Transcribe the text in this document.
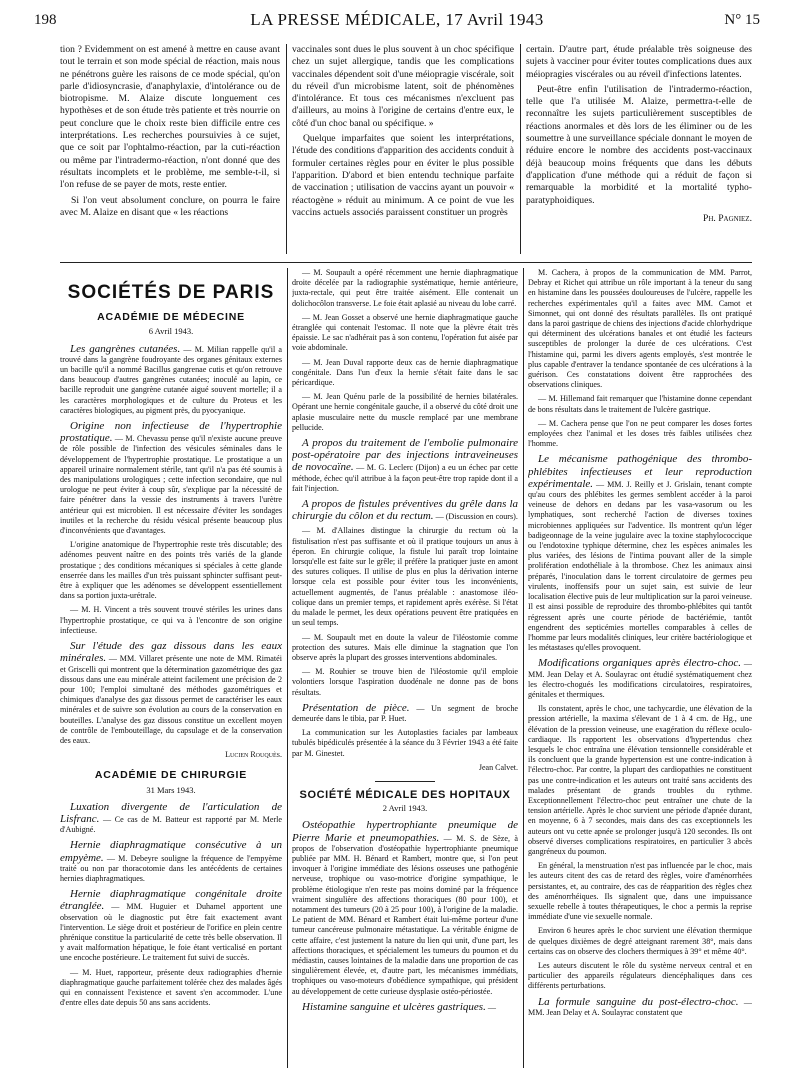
198	LA PRESSE MÉDICALE, 17 Avril 1943	N° 15

tion ? Evidemment on est amené à mettre en cause avant tout le terrain et son mode spécial de réaction, mais nous ne pénétrons guère les raisons de ce mode spécial, qu'on parle d'idiosyncrasie, d'anaphylaxie, d'intolérance ou de biotropisme. M. Alaize discute longuement ces hypothèses et de son étude très patiente et très nourrie on peut conclure que le choix reste bien difficile entre ces interprétations. Les recherches poursuivies à ce sujet, que ce soit par l'ophtalmo-réaction, par la cuti-réaction ou même par l'intradermo-réaction, n'ont donné que des résultats incomplets et le problème, me semble-t-il, si l'on refuse de se payer de mots, reste entier.

Si l'on veut absolument conclure, on pourra le faire avec M. Alaize en disant que « les réactions

vaccinales sont dues le plus souvent à un choc spécifique chez un sujet allergique, tandis que les complications vaccinales dépendent soit d'une méiopragie viscérale, soit du réveil d'un microbisme latent, soit de phénomènes d'intolérance. Et tous ces mécanismes n'excluent pas d'ailleurs, au moins à l'origine de certains d'entre eux, le côté d'un choc banal ou spécifique. »

Quelque imparfaites que soient les interprétations, l'étude des conditions d'apparition des accidents conduit à formuler certaines règles pour en éviter le plus possible l'apparition. D'abord et bien entendu technique parfaite de vaccination ; utilisation de vaccins ayant un pouvoir « réactogène » réduit au minimum. A ce point de vue les vaccins actuels associés paraissent constituer un progrès

certain. D'autre part, étude préalable très soigneuse des sujets à vacciner pour éviter toutes complications dues aux méiopragies viscérales ou au réveil d'infections latentes.

Peut-être enfin l'utilisation de l'intradermo-réaction, telle que l'a utilisée M. Alaize, permettra-t-elle de reconnaître les sujets particulièrement susceptibles de réactions anormales et dès lors de les éliminer ou de les soumettre à une surveillance spéciale donnant le moyen de réduire encore le nombre des accidents post-vaccinaux déjà beaucoup moins fréquents que dans les débuts d'application d'une méthode qui a réduit de façon si remarquable la morbidité et la mortalité typho-paratyphoidiques.

Ph. Pagniez.
SOCIÉTÉS DE PARIS
ACADÉMIE DE MÉDECINE
6 Avril 1943.

Les gangrènes cutanées. — M. Milian rappelle qu'il a trouvé dans la gangrène foudroyante des organes génitaux externes un bacille qu'il a nommé Bacillus gangrenae cutis et qu'on retrouve dans beaucoup d'autres gangrènes cutanées; inoculé au lapin, ce bacille reproduit une gangrène cutanée aigué souvent mortelle; il a les caractères morphologiques et de culture du Proteus et les caractères biologiques, au pigment près, du pyocyanique.

Origine non infectieuse de l'hypertrophie prostatique. — M. Chevassu pense qu'il n'existe aucune preuve de rôle possible de l'infection des vésicules séminales dans le développement de l'hypertrophie prostatique. Le prostatique a un appareil urinaire normalement stérile, tant qu'il n'a pas été soumis à des manipulations urologiques ; cette infection secondaire, que nul urologue ne peut éviter à coup sûr, s'explique par la nécessité de faire pénétrer dans la vessie des instruments à travers l'urètre antérieur qui est microbien. Il est nécessaire d'éviter les sondages inutiles et la recherche du résidu vésical présente beaucoup plus d'inconvénients que d'avantages.

L'origine anatomique de l'hypertrophie reste très discutable; des adénomes peuvent naître en des points très variés de la glande prostatique ; des conditions mécaniques si spéciales à cette glande enserrée dans les mailles d'un très puissant sphincter suffisant peut-être à expliquer que les adénomes se développent essentiellement dans sa portion juxta-urétrale.

— M. H. Vincent a très souvent trouvé stériles les urines dans l'hypertrophie prostatique, ce qui va à l'encontre de son origine infectieuse.

Sur l'étude des gaz dissous dans les eaux minérales. — MM. Villaret présente une note de MM. Rimatéi et Griscelli qui montrent que la détermination gazométrique des gaz dissous dans une eau minérale atteint facilement une précision de 2 pour 100; l'emploi simultané des méthodes gazométriques et chimiques d'analyse des gaz dissous permet de caractériser les eaux minérales et de suivre son évolution au cours de la conservation en bouteilles. L'analyse des gaz dissous constitue un excellent moyen de contrôle de l'embouteillage, du capsulage et de la conservation des eaux.

Lucien Rouquès.
ACADÉMIE DE CHIRURGIE
31 Mars 1943.

Luxation divergente de l'articulation de Lisfranc. — Ce cas de M. Batteur est rapporté par M. Merle d'Aubigné.

Hernie diaphragmatique consécutive à un empyème. — M. Debeyre souligne la fréquence de l'empyème traité ou non par thoracotomie dans les antécédents de certaines hernies diaphragmatiques.

Hernie diaphragmatique congénitale droite étranglée. — MM. Huguier et Duhamel apportent une observation où le diagnostic put être fait exactement avant l'intervention. Le siège droit et postérieur de l'orifice en plein centre phrénique constitue la particularité de cette très belle observation. Il y avait malformation hépatique, le foie étant verticalisé en portant une encoche postérieure. Le traitement fut suivi de succès.

— M. Huet, rapporteur, présente deux radiographies d'hernie diaphragmatique gauche parfaitement tolérée chez des malades âgés qui en connaissent l'existence et savent s'en accommoder. L'une d'entre elles date depuis 50 ans sans accidents.

— M. Soupault a opéré récemment une hernie diaphragmatique droite décelée par la radiographie systématique, hernie antérieure, juxta-rectale, qui peut être traitée aisément. Elle contenait un dolichocôlon transverse. Le foie était aplasié au niveau du lobe carré.

— M. Jean Gosset a observé une hernie diaphragmatique gauche étranglée qui contenait l'estomac. Il note que la plèvre était très épaissie. Le sac n'adhérait pas à son contenu, l'opération fut aisée par voie abdominale.

— M. Jean Duval rapporte deux cas de hernie diaphragmatique congénitale. Dans l'un d'eux la hernie s'était faite dans le sac péricardique.

— M. Jean Quénu parle de la possibilité de hernies bilatérales. Opérant une hernie congénitale gauche, il a observé du côté droit une aplasie musculaire nette du muscle remplacé par une membrane pellucide.

A propos du traitement de l'embolie pulmonaire post-opératoire par des injections intraveineuses de novocaïne. — M. G. Leclerc (Dijon) a eu un échec par cette méthode, échec qu'il attribue à la façon peut-être trop rapide dont il a fait l'injection.

A propos de fistules préventives du grêle dans la chirurgie du côlon et du rectum. — (Discussion en cours).

— M. d'Allaines distingue la chirurgie du rectum où la fistulisation n'est pas suffisante et où il pratique toujours un anus à éperon. En chirurgie colique, la fistule lui paraît trop lointaine lorsqu'elle est faite sur le grêle; il préfère la pratiquer juste en amont des sutures coliques. Il utilise de plus en plus la dérivation interne lorsque cela est possible pour éviter tous les inconvénients, actuellement augmentés, de l'anus préalable : anastomose iléo-colique dans un premier temps, et rapidement après exérèse. Si l'état du malade le permet, les deux opérations peuvent être pratiquées en un seul temps.

— M. Soupault met en doute la valeur de l'iléostomie comme protection des sutures. Mais elle diminue la stagnation que l'on observe après la plupart des grosses interventions abdominales.

— M. Rouhier se trouve bien de l'iléostomie qu'il emploie volontiers lorsque l'aspiration duodénale ne donne pas de bons résultats.

Présentation de pièce. — Un segment de broche demeurée dans le tibia, par P. Huet.

La communication sur les Autoplasties faciales par lambeaux tubulés bipédiculés présentée à la séance du 3 Février 1943 a été faite par M. Ginestet.

Jean Calvet.
SOCIÉTÉ MÉDICALE DES HOPITAUX
2 Avril 1943.

Ostéopathie hypertrophiante pneumique de Pierre Marie et pneumopathies. — M. S. de Sèze, à propos de l'observation d'ostéopathie hypertrophiante pneumique publiée par MM. H. Bénard et Rambert, montre que, si l'on peut invoquer à l'origine immédiate des lésions osseuses une pathogénie nerveuse, trophique ou vaso-motrice d'origine sympathique, le problème étiologique n'en reste pas moins dominé par la fréquence vraiment singulière des affections thoraciques (80 pour 100), et notamment des tumeurs (20 à 25 pour 100), à l'origine de la maladie. Le patient de MM. Bénard et Rambert était lui-même porteur d'une tumeur cancéreuse pulmonaire métastatique. La véritable énigme de cette affaire, c'est justement la nature du lien qui unit, d'une part, les affections thoraciques, et spécialement les tumeurs du poumon et du médiastin, causes lointaines de la maladie dans une proportion de cas singulièrement élevée, et, d'autre part, les mécanismes immédiats, trophiques ou vaso-moteurs d'obédience sympathique, qui président au développement de cette curieuse dysplasie ostéo-périostée.

Histamine sanguine et ulcères gastriques. —

M. Cachera, à propos de la communication de MM. Parrot, Debray et Richet qui attribue un rôle important à la teneur du sang en histamine dans les poussées douloureuses de l'ulcère, rappelle les recherches expérimentales qu'il a faites avec MM. Camot et Simonnet, qui ont donné des résultats parallèles. Ils ont pratiqué dans la paroi gastrique de chiens des injections d'acide chlorhydrique qui déterminent des ulcérations banales et ont étudié les facteurs susceptibles de prolonger la durée de ces ulcérations. C'est l'histamine qui, parmi les divers agents employés, s'est montrée le plus capable d'entraver la tendance spontanée de ces ulcérations à la guérison. Ces constatations doivent être rapprochées des observations cliniques.

— M. Hillemand fait remarquer que l'histamine donne cependant de bons résultats dans le traitement de l'ulcère gastrique.

— M. Cachera pense que l'on ne peut comparer les doses fortes employées chez l'animal et les doses très faibles utilisées chez l'homme.

Le mécanisme pathogénique des thrombo-phlébites infectieuses et leur reproduction expérimentale. — MM. J. Reilly et J. Grislain, tenant compte qu'au cours des phlébites les germes semblent accéder à la paroi veineuse de dehors en dedans par les vasa-vasorum ou les lymphatiques, sont recherché l'action de diverses toxines microbiennes appliquées sur l'adventice. Ils montrent qu'un léger badigeonnage de la veine jugulaire avec la toxine staphylococcique ou l'endotoxine typhique détermine, chez les espèces animales les plus variées, des lésions de l'intima pouvant aller de la simple prolifération endothéliale à la thrombose. Chez les animaux ainsi préparés, l'inoculation dans le torrent circulatoire de germes peu virulents, inoffensifs pour un sujet sain, est suivie de leur localisation élective puis de leur multiplication sur la paroi veineuse. Il est ainsi possible de reproduire des thrombo-phlébites qui tantôt régressent après une courte période de bactériémie, tantôt engendrent des septicémies mortelles comparables à celles de l'homme par leurs modalités cliniques, leur critère bactériologique et les métastases qu'elles provoquent.

Modifications organiques après électro-choc. — MM. Jean Delay et A. Soulayrac ont étudié systématiquement chez les électro-chogués les modifications circulatoires, respiratoires, génitales et thermiques.

Ils constatent, après le choc, une tachycardie, une élévation de la pression artérielle, la maxima s'élevant de 1 à 4 cm. de Hg., une élévation de la pression veineuse, une exagération du réflexe oculo-cardiaque. Ils rapportent les observations d'hypertendus chez lesquels le choc entraîna une élévation tensionnelle considérable et ils concluent que la grande hypertension est une contre-indication à l'électro-choc. Par contre, la plupart des cardiopathies ne constituent pas une contre-indication et les auteurs ont traité sans accidents des malades présentant de grands troubles du rythme. Exceptionnellement l'électro-choc peut entraîner une chute de la tension artérielle. Après le choc survient une période d'apnée durant, en moyenne, 6 à 7 secondes, mais dans des cas exceptionnels les auteurs ont vu cette apnée se prolonger jusqu'à 120 secondes. Ils ont observé diverses complications respiratoires, en particulier 3 abcès gangréneux du poumon.

En général, la menstruation n'est pas influencée par le choc, mais les auteurs citent des cas de retard des règles, voire d'aménorrhées persistantes, et, au contraire, des cas de réapparition des règles chez des aménorrhéiques. Ils signalent que, dans une impuissance sexuelle rebelle à toutes thérapeutiques, le choc a permis la reprise immédiate d'une vie sexuelle normale.

Environ 6 heures après le choc survient une élévation thermique de quelques dixièmes de degré atteignant rarement 38°, mais dans certains cas on observe des clochers thermiques à 39° et même 40°.

Les auteurs discutent le rôle du système nerveux central et en particulier des appareils régulateurs diencéphaliques dans ces différents perturbations.

La formule sanguine du post-électro-choc. — MM. Jean Delay et A. Soulayrac constatent que
